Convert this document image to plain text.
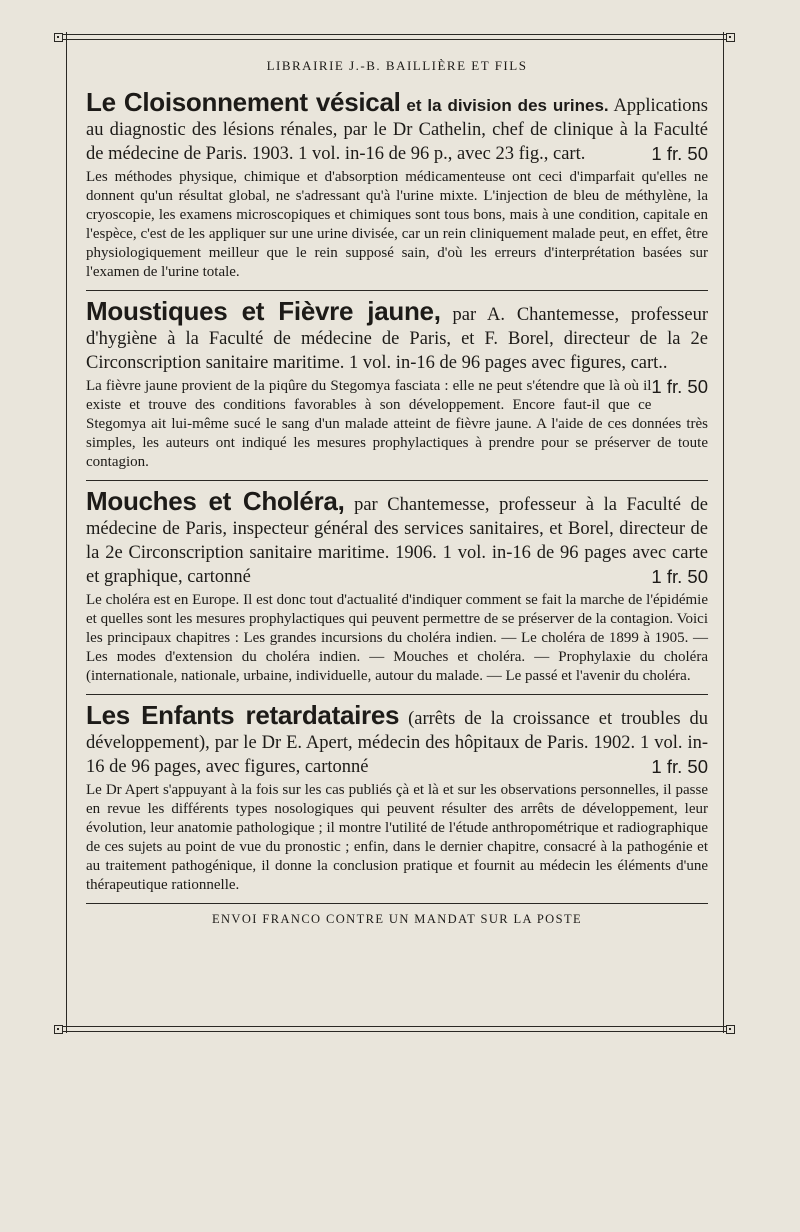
LIBRAIRIE J.-B. BAILLIÈRE ET FILS

Le Cloisonnement vésical et la division des urines. Applications au diagnostic des lésions rénales, par le Dr Cathelin, chef de clinique à la Faculté de médecine de Paris. 1903. 1 vol. in-16 de 96 p., avec 23 fig., cart.	1 fr. 50

Les méthodes physique, chimique et d'absorption médicamenteuse ont ceci d'imparfait qu'elles ne donnent qu'un résultat global, ne s'adressant qu'à l'urine mixte. L'injection de bleu de méthylène, la cryoscopie, les examens microscopiques et chimiques sont tous bons, mais à une condition, capitale en l'espèce, c'est de les appliquer sur une urine divisée, car un rein cliniquement malade peut, en effet, être physiologiquement meilleur que le rein supposé sain, d'où les erreurs d'interprétation basées sur l'examen de l'urine totale.

Moustiques et Fièvre jaune, par A. Chantemesse, professeur d'hygiène à la Faculté de médecine de Paris, et F. Borel, directeur de la 2e Circonscription sanitaire maritime. 1 vol. in-16 de 96 pages avec figures, cart..
1 fr. 50

La fièvre jaune provient de la piqûre du Stegomya fasciata : elle ne peut s'étendre que là où il existe et trouve des conditions favorables à son développement. Encore faut-il que ce Stegomya ait lui-même sucé le sang d'un malade atteint de fièvre jaune. A l'aide de ces données très simples, les auteurs ont indiqué les mesures prophylactiques à prendre pour se préserver de toute contagion.

Mouches et Choléra, par Chantemesse, professeur à la Faculté de médecine de Paris, inspecteur général des services sanitaires, et Borel, directeur de la 2e Circonscription sanitaire maritime. 1906. 1 vol. in-16 de 96 pages avec carte et graphique, cartonné	1 fr. 50

Le choléra est en Europe. Il est donc tout d'actualité d'indiquer comment se fait la marche de l'épidémie et quelles sont les mesures prophylactiques qui peuvent permettre de se préserver de la contagion. Voici les principaux chapitres : Les grandes incursions du choléra indien. — Le choléra de 1899 à 1905. — Les modes d'extension du choléra indien. — Mouches et choléra. — Prophylaxie du choléra (internationale, nationale, urbaine, individuelle, autour du malade. — Le passé et l'avenir du choléra.

Les Enfants retardataires (arrêts de la croissance et troubles du développement), par le Dr E. Apert, médecin des hôpitaux de Paris. 1902. 1 vol. in-16 de 96 pages, avec figures, cartonné	1 fr. 50

Le Dr Apert s'appuyant à la fois sur les cas publiés çà et là et sur les observations personnelles, il passe en revue les différents types nosologiques qui peuvent résulter des arrêts de développement, leur évolution, leur anatomie pathologique ; il montre l'utilité de l'étude anthropométrique et radiographique de ces sujets au point de vue du pronostic ; enfin, dans le dernier chapitre, consacré à la pathogénie et au traitement pathogénique, il donne la conclusion pratique et fournit au médecin les éléments d'une thérapeutique rationnelle.

ENVOI FRANCO CONTRE UN MANDAT SUR LA POSTE
